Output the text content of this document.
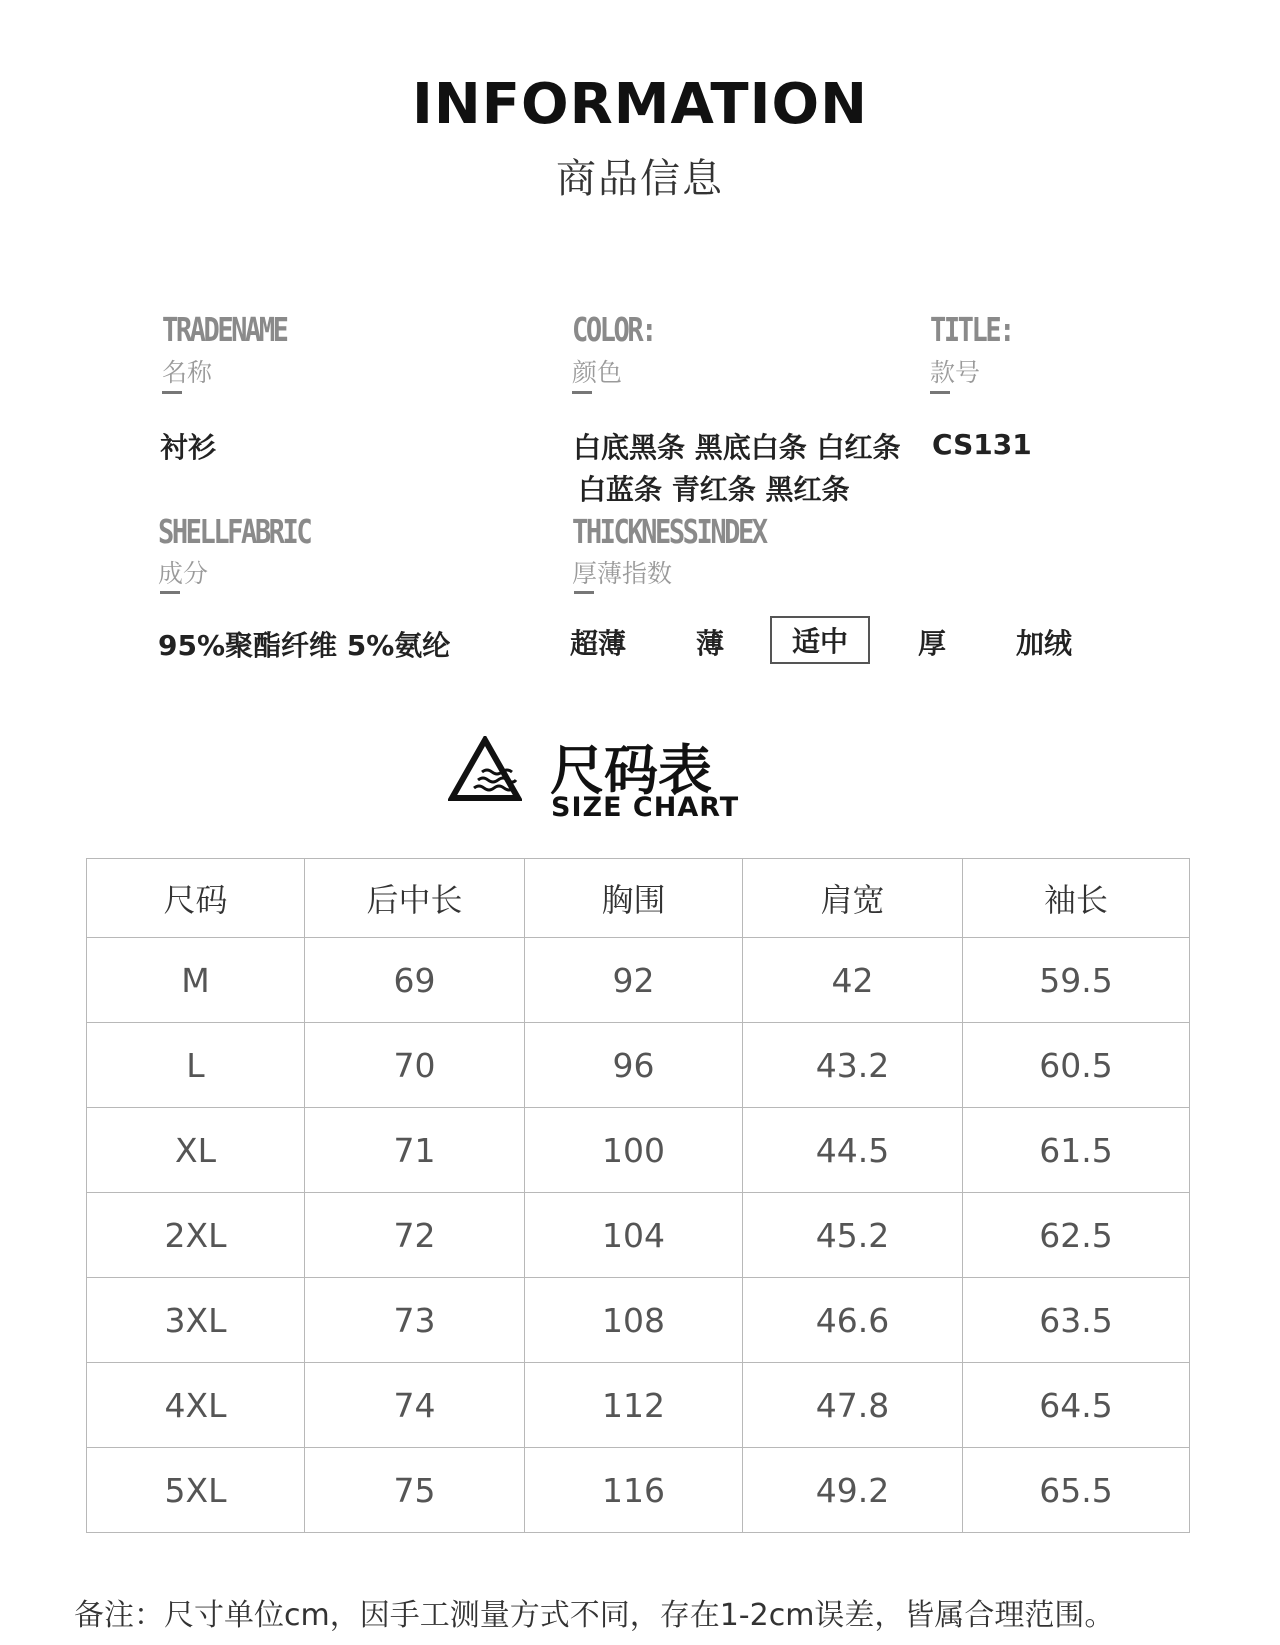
INFORMATION
商品信息
TRADENAME
名称
衬衫
COLOR:
颜色
白底黑条 黑底白条 白红条
白蓝条 青红条 黑红条
TITLE:
款号
CS131
SHELLFABRIC
成分
95%聚酯纤维 5%氨纶
THICKNESSINDEX
厚薄指数
超薄 薄	适中	厚 加绒
尺码表
SIZE CHART
尺码	后中长	胸围	肩宽	袖长
M	69	92	42	59.5
L	70	96	43.2	60.5
XL	71	100	44.5	61.5
2XL	72	104	45.2	62.5
3XL	73	108	46.6	63.5
4XL	74	112	47.8	64.5
5XL	75	116	49.2	65.5
备注：尺寸单位cm，因手工测量方式不同，存在1-2cm误差，皆属合理范围。
